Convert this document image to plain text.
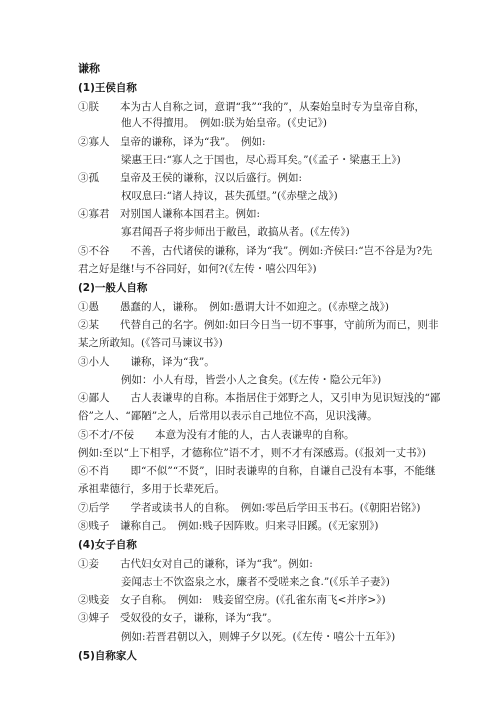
谦称
(1)王侯自称
①朕　　本为古人自称之词，意谓“我”“我的”，从秦始皇时专为皇帝自称，
他人不得擅用。　例如:朕为始皇帝。(《史记》)
②寡人　皇帝的谦称，译为“我”。　例如:
梁惠王曰:“寡人之于国也，尽心焉耳矣。”(《孟子・梁惠王上》)
③孤　　皇帝及王侯的谦称，汉以后盛行。例如:
权叹息曰:“诸人持议，甚失孤望。”(《赤壁之战》)
④寡君　对别国人谦称本国君主。例如:
寡君闻吾子将步师出于敝邑，敢搞从者。(《左传》)
⑤不谷　　不善，古代诸侯的谦称，译为“我”。例如:齐侯曰:“岂不谷是为?先
君之好是继!与不谷同好，如何?(《左传・嘻公四年》)
(2)一般人自称
①愚　　愚蠢的人，谦称。　例如:愚谓大计不如迎之。(《赤壁之战》)
②某　　代替自己的名字。例如:如曰今日当一切不事事，守前所为而已，则非
某之所敢知。(《答司马谏议书》)
③小人　　谦称，译为“我”。
例如：小人有母，皆尝小人之食矣。(《左传・隐公元年》)
④鄙人　　古人表谦卑的自称。本指居住于郊野之人，又引申为见识短浅的“鄙
俗”之人、“鄙陋”之人，后常用以表示自己地位不高，见识浅薄。
⑤不才/不佞　　本意为没有才能的人，古人表谦卑的自称。
例如:至以“上下相孚，才德称位”语不才，则不才有深感焉。(《报刘一丈书》)
⑥不肖　　即“不似”“不贤”，旧时表谦卑的自称，自谦自己没有本事，不能继
承祖辈德行，多用于长辈死后。
⑦后学　　学者或读书人的自称。　例如:零邑后学田玉书石。(《朝阳岩铭》)
⑧贱子　谦称自己。　例如:贱子因阵败。归来寻旧蹊。(《无家别》)
(4)女子自称
①妾　　古代妇女对自己的谦称，译为“我”。例如:
妾闻志士不饮盗泉之水，廉者不受嗟来之食.”(《乐羊子妻》)
②贱妾　女子自称。　例如:　贱妾留空房。(《孔雀东南飞<并序>》)
③婢子　受奴役的女子，谦称，译为“我”。
例如:若晋君朝以入，则婢子夕以死。(《左传・嘻公十五年》)
(5)自称家人
